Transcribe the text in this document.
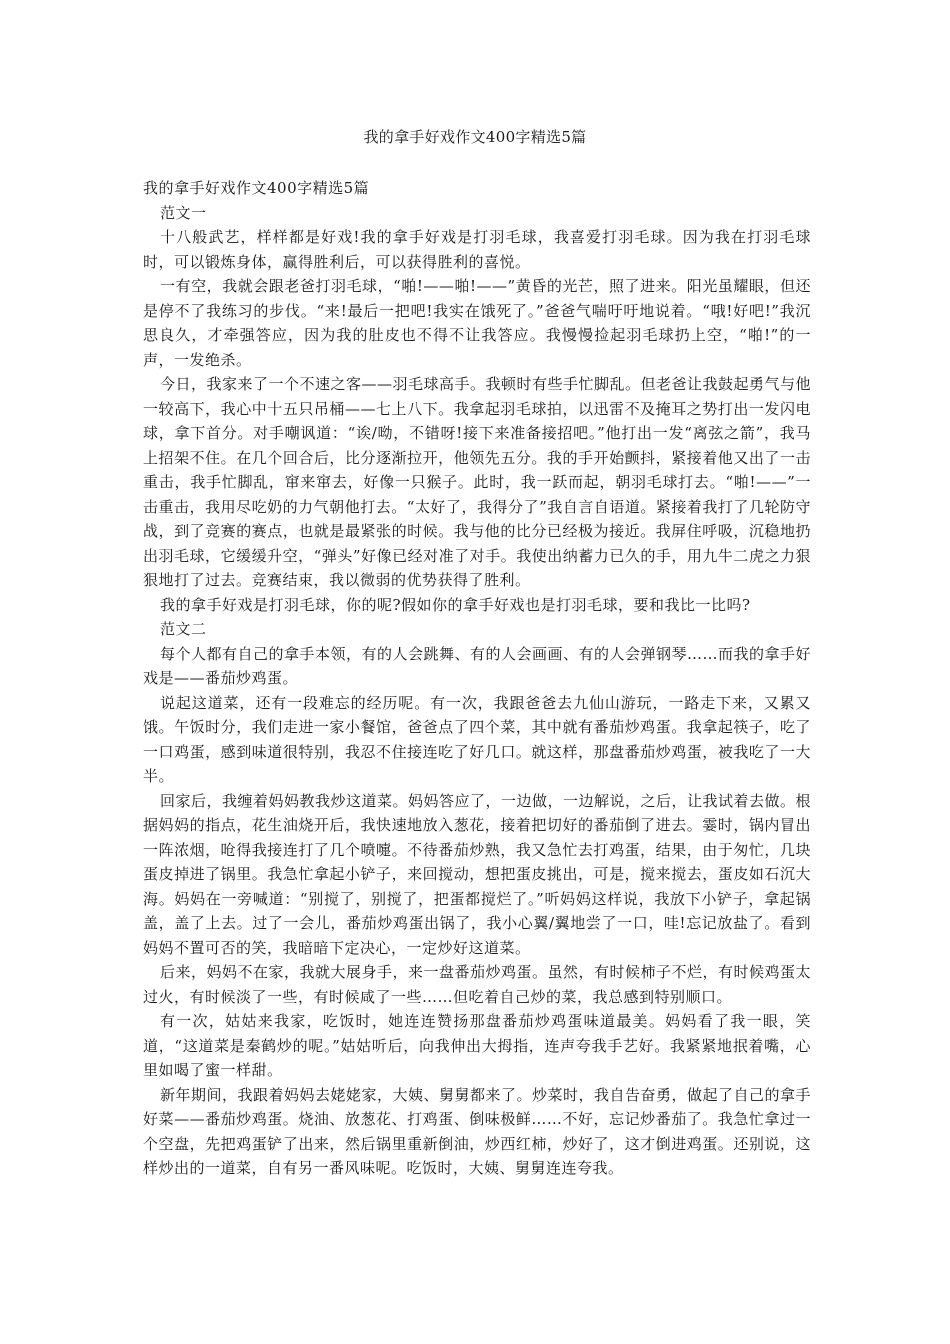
我的拿手好戏作文400字精选5篇

我的拿手好戏作文400字精选5篇

范文一

十八般武艺，样样都是好戏!我的拿手好戏是打羽毛球，我喜爱打羽毛球。因为我在打羽毛球时，可以锻炼身体，赢得胜利后，可以获得胜利的喜悦。

一有空，我就会跟老爸打羽毛球，“啪!——啪!——”黄昏的光芒，照了进来。阳光虽耀眼，但还是停不了我练习的步伐。“来!最后一把吧!我实在饿死了。”爸爸气喘吁吁地说着。“哦!好吧!”我沉思良久，才牵强答应，因为我的肚皮也不得不让我答应。我慢慢捡起羽毛球扔上空，“啪!”的一声，一发绝杀。

今日，我家来了一个不速之客——羽毛球高手。我顿时有些手忙脚乱。但老爸让我鼓起勇气与他一较高下，我心中十五只吊桶——七上八下。我拿起羽毛球拍，以迅雷不及掩耳之势打出一发闪电球，拿下首分。对手嘲讽道：“诶/呦，不错呀!接下来准备接招吧。”他打出一发“离弦之箭”，我马上招架不住。在几个回合后，比分逐渐拉开，他领先五分。我的手开始颤抖，紧接着他又出了一击重击，我手忙脚乱，窜来窜去，好像一只猴子。此时，我一跃而起，朝羽毛球打去。“啪!——”一击重击，我用尽吃奶的力气朝他打去。“太好了，我得分了”我自言自语道。紧接着我打了几轮防守战，到了竞赛的赛点，也就是最紧张的时候。我与他的比分已经极为接近。我屏住呼吸，沉稳地扔出羽毛球，它缓缓升空，“弹头”好像已经对准了对手。我使出纳蓄力已久的手，用九牛二虎之力狠狠地打了过去。竞赛结束，我以微弱的优势获得了胜利。

我的拿手好戏是打羽毛球，你的呢?假如你的拿手好戏也是打羽毛球，要和我比一比吗?

范文二

每个人都有自己的拿手本领，有的人会跳舞、有的人会画画、有的人会弹钢琴……而我的拿手好戏是——番茄炒鸡蛋。

说起这道菜，还有一段难忘的经历呢。有一次，我跟爸爸去九仙山游玩，一路走下来，又累又饿。午饭时分，我们走进一家小餐馆，爸爸点了四个菜，其中就有番茄炒鸡蛋。我拿起筷子，吃了一口鸡蛋，感到味道很特别，我忍不住接连吃了好几口。就这样，那盘番茄炒鸡蛋，被我吃了一大半。

回家后，我缠着妈妈教我炒这道菜。妈妈答应了，一边做，一边解说，之后，让我试着去做。根据妈妈的指点，花生油烧开后，我快速地放入葱花，接着把切好的番茄倒了进去。霎时，锅内冒出一阵浓烟，呛得我接连打了几个喷嚏。不待番茄炒熟，我又急忙去打鸡蛋，结果，由于匆忙，几块蛋皮掉进了锅里。我急忙拿起小铲子，来回搅动，想把蛋皮挑出，可是，搅来搅去，蛋皮如石沉大海。妈妈在一旁喊道：“别搅了，别搅了，把蛋都搅烂了。”听妈妈这样说，我放下小铲子，拿起锅盖，盖了上去。过了一会儿，番茄炒鸡蛋出锅了，我小心翼/翼地尝了一口，哇!忘记放盐了。看到妈妈不置可否的笑，我暗暗下定决心，一定炒好这道菜。

后来，妈妈不在家，我就大展身手，来一盘番茄炒鸡蛋。虽然，有时候柿子不烂，有时候鸡蛋太过火，有时候淡了一些，有时候咸了一些……但吃着自己炒的菜，我总感到特别顺口。

有一次，姑姑来我家，吃饭时，她连连赞扬那盘番茄炒鸡蛋味道最美。妈妈看了我一眼，笑道，“这道菜是秦鹤炒的呢。”姑姑听后，向我伸出大拇指，连声夸我手艺好。我紧紧地抿着嘴，心里如喝了蜜一样甜。

新年期间，我跟着妈妈去姥姥家，大姨、舅舅都来了。炒菜时，我自告奋勇，做起了自己的拿手好菜——番茄炒鸡蛋。烧油、放葱花、打鸡蛋、倒味极鲜……不好，忘记炒番茄了。我急忙拿过一个空盘，先把鸡蛋铲了出来，然后锅里重新倒油，炒西红柿，炒好了，这才倒进鸡蛋。还别说，这样炒出的一道菜，自有另一番风味呢。吃饭时，大姨、舅舅连连夸我。
